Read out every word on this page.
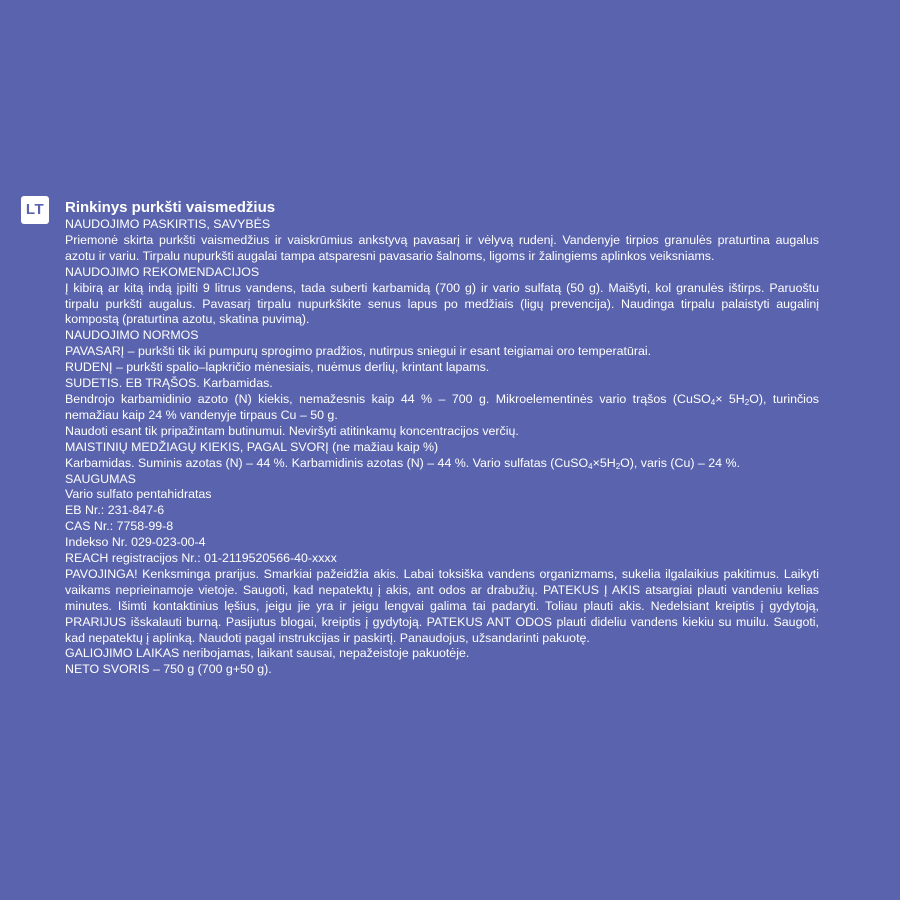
LT	Rinkinys purkšti vaismedžius

NAUDOJIMO PASKIRTIS, SAVYBĖS

Priemonė skirta purkšti vaismedžius ir vaiskrūmius ankstyvą pavasarį ir vėlyvą rudenį. Vandenyje tirpios granulės praturtina augalus azotu ir variu. Tirpalu nupurkšti augalai tampa atsparesni pavasario šalnoms, ligoms ir žalingiems aplinkos veiksniams.

NAUDOJIMO REKOMENDACIJOS

Į kibirą ar kitą indą įpilti 9 litrus vandens, tada suberti karbamidą (700 g) ir vario sulfatą (50 g). Maišyti, kol granulės ištirps. Paruoštu tirpalu purkšti augalus. Pavasarį tirpalu nupurkškite senus lapus po medžiais (ligų prevencija). Naudinga tirpalu palaistyti augalinį kompostą (praturtina azotu, skatina puvimą).

NAUDOJIMO NORMOS

PAVASARĮ – purkšti tik iki pumpurų sprogimo pradžios, nutirpus sniegui ir esant teigiamai oro temperatūrai.

RUDENĮ – purkšti spalio–lapkričio mėnesiais, nuėmus derlių, krintant lapams.

SUDETIS. EB TRĄŠOS. Karbamidas.

Bendrojo karbamidinio azoto (N) kiekis, nemažesnis kaip 44 % – 700 g. Mikroelementinės vario trąšos (CuSO$_4$× $5H_2O$), turinčios nemažiau kaip 24 % vandenyje tirpaus Cu – 50 g.

Naudoti esant tik pripažintam butinumui. Neviršyti atitinkamų koncentracijos verčių.

MAISTINIŲ MEDŽIAGŲ KIEKIS, PAGAL SVORĮ (ne mažiau kaip %)

Karbamidas. Suminis azotas (N) – 44 %. Karbamidinis azotas (N) – 44 %. Vario sulfatas $(CuSO_4\times 5H_2O)$, varis (Cu) – 24 %.

SAUGUMAS

Vario sulfato pentahidratas

EB Nr.: 231-847-6

CAS Nr.: 7758-99-8

Indekso Nr. 029-023-00-4

REACH registracijos Nr.: 01-2119520566-40-xxxx

PAVOJINGA! Kenksminga prarijus. Smarkiai pažeidžia akis. Labai toksiška vandens organizmams, sukelia ilgalaikius pakitimus. Laikyti vaikams neprieinamoje vietoje. Saugoti, kad nepatektų į akis, ant odos ar drabužių. PATEKUS Į AKIS atsargiai plauti vandeniu kelias minutes. Išimti kontaktinius lęšius, jeigu jie yra ir jeigu lengvai galima tai padaryti. Toliau plauti akis. Nedelsiant kreiptis į gydytoją, PRARIJUS išskalauti burną. Pasijutus blogai, kreiptis į gydytoją. PATEKUS ANT ODOS plauti dideliu vandens kiekiu su muilu. Saugoti, kad nepatektų į aplinką. Naudoti pagal instrukcijas ir paskirtį. Panaudojus, užsandarinti pakuotę.

GALIOJIMO LAIKAS neribojamas, laikant sausai, nepažeistoje pakuotėje.

NETO SVORIS – 750 g (700 g+50 g).
